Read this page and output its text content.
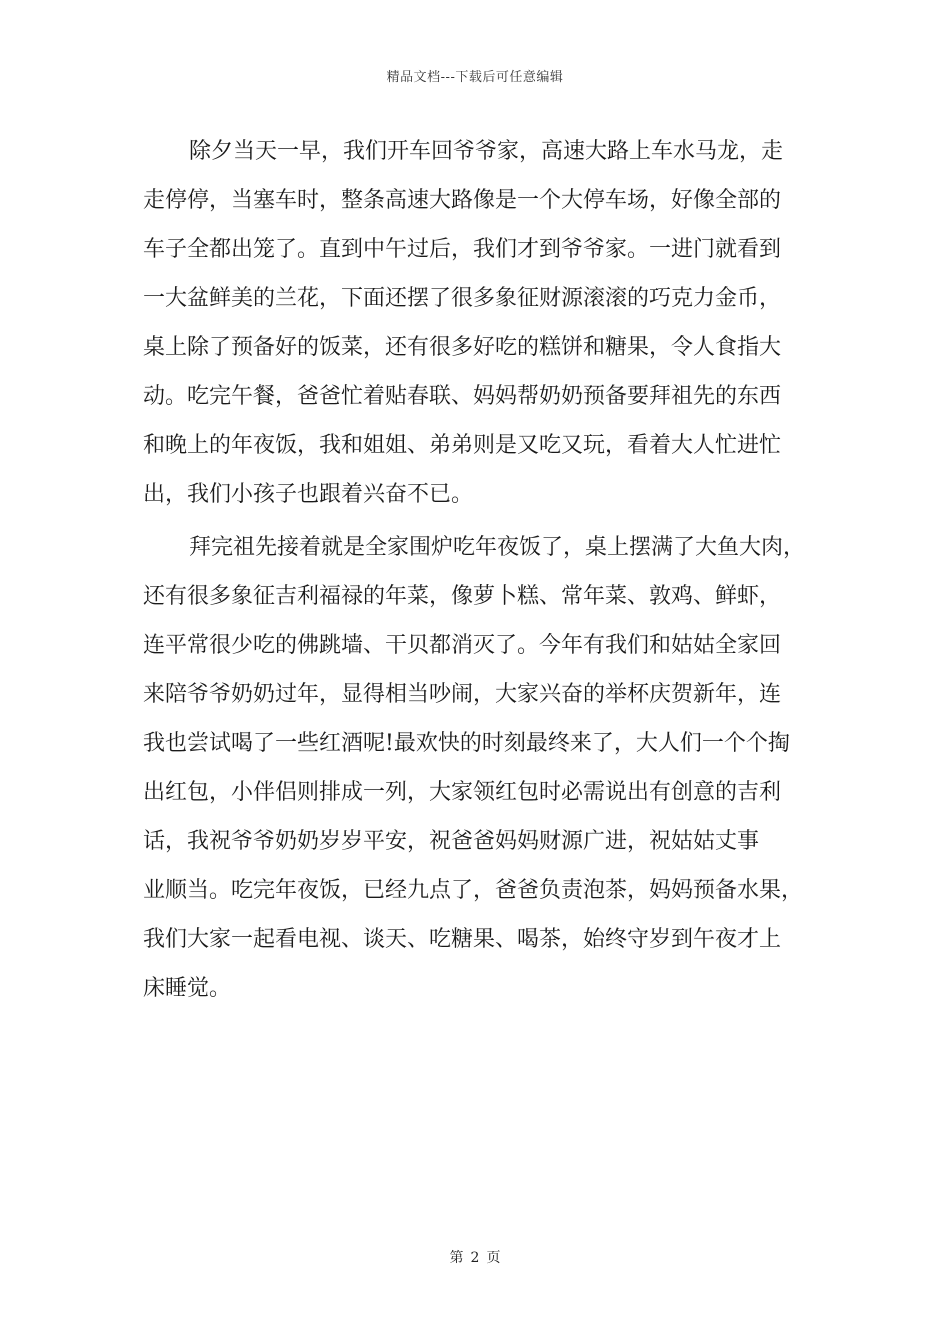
精品文档---下载后可任意编辑
除夕当天一早，我们开车回爷爷家，高速大路上车水马龙，走
走停停，当塞车时，整条高速大路像是一个大停车场，好像全部的
车子全都出笼了。直到中午过后，我们才到爷爷家。一进门就看到
一大盆鲜美的兰花，下面还摆了很多象征财源滚滚的巧克力金币，
桌上除了预备好的饭菜，还有很多好吃的糕饼和糖果，令人食指大
动。吃完午餐，爸爸忙着贴春联、妈妈帮奶奶预备要拜祖先的东西
和晚上的年夜饭，我和姐姐、弟弟则是又吃又玩，看着大人忙进忙
出，我们小孩子也跟着兴奋不已。
拜完祖先接着就是全家围炉吃年夜饭了，桌上摆满了大鱼大肉，
还有很多象征吉利福禄的年菜，像萝卜糕、常年菜、敦鸡、鲜虾，
连平常很少吃的佛跳墙、干贝都消灭了。今年有我们和姑姑全家回
来陪爷爷奶奶过年，显得相当吵闹，大家兴奋的举杯庆贺新年，连
我也尝试喝了一些红酒呢!最欢快的时刻最终来了，大人们一个个掏
出红包，小伴侣则排成一列，大家领红包时必需说出有创意的吉利
话，我祝爷爷奶奶岁岁平安，祝爸爸妈妈财源广进，祝姑姑丈事
业顺当。吃完年夜饭，已经九点了，爸爸负责泡茶，妈妈预备水果，
我们大家一起看电视、谈天、吃糖果、喝茶，始终守岁到午夜才上
床睡觉。
第 2 页
